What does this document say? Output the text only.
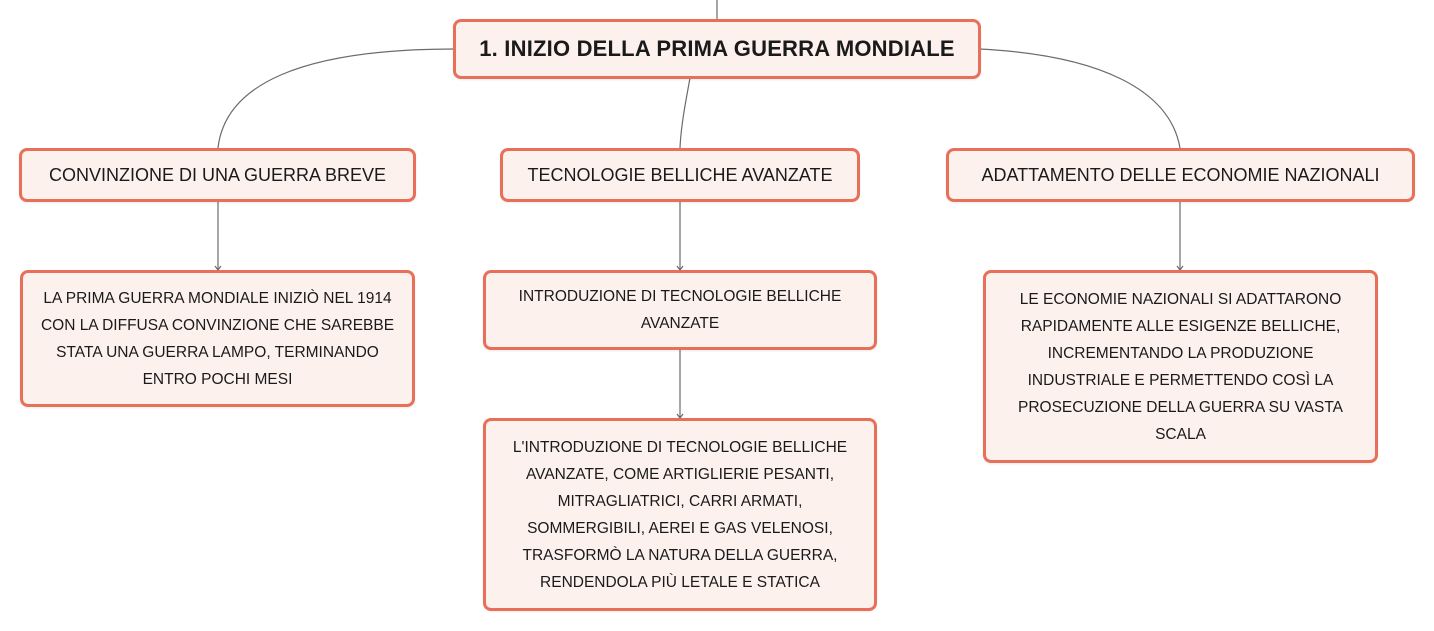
1. INIZIO DELLA PRIMA GUERRA MONDIALE
CONVINZIONE DI UNA GUERRA BREVE	TECNOLOGIE BELLICHE AVANZATE	ADATTAMENTO DELLE ECONOMIE NAZIONALI
LA PRIMA GUERRA MONDIALE INIZIÒ NEL 1914 CON LA DIFFUSA CONVINZIONE CHE SAREBBE STATA UNA GUERRA LAMPO, TERMINANDO ENTRO POCHI MESI
INTRODUZIONE DI TECNOLOGIE BELLICHE AVANZATE
L'INTRODUZIONE DI TECNOLOGIE BELLICHE AVANZATE, COME ARTIGLIERIE PESANTI, MITRAGLIATRICI, CARRI ARMATI, SOMMERGIBILI, AEREI E GAS VELENOSI, TRASFORMÒ LA NATURA DELLA GUERRA, RENDENDOLA PIÙ LETALE E STATICA
LE ECONOMIE NAZIONALI SI ADATTARONO RAPIDAMENTE ALLE ESIGENZE BELLICHE, INCREMENTANDO LA PRODUZIONE INDUSTRIALE E PERMETTENDO COSÌ LA PROSECUZIONE DELLA GUERRA SU VASTA SCALA
